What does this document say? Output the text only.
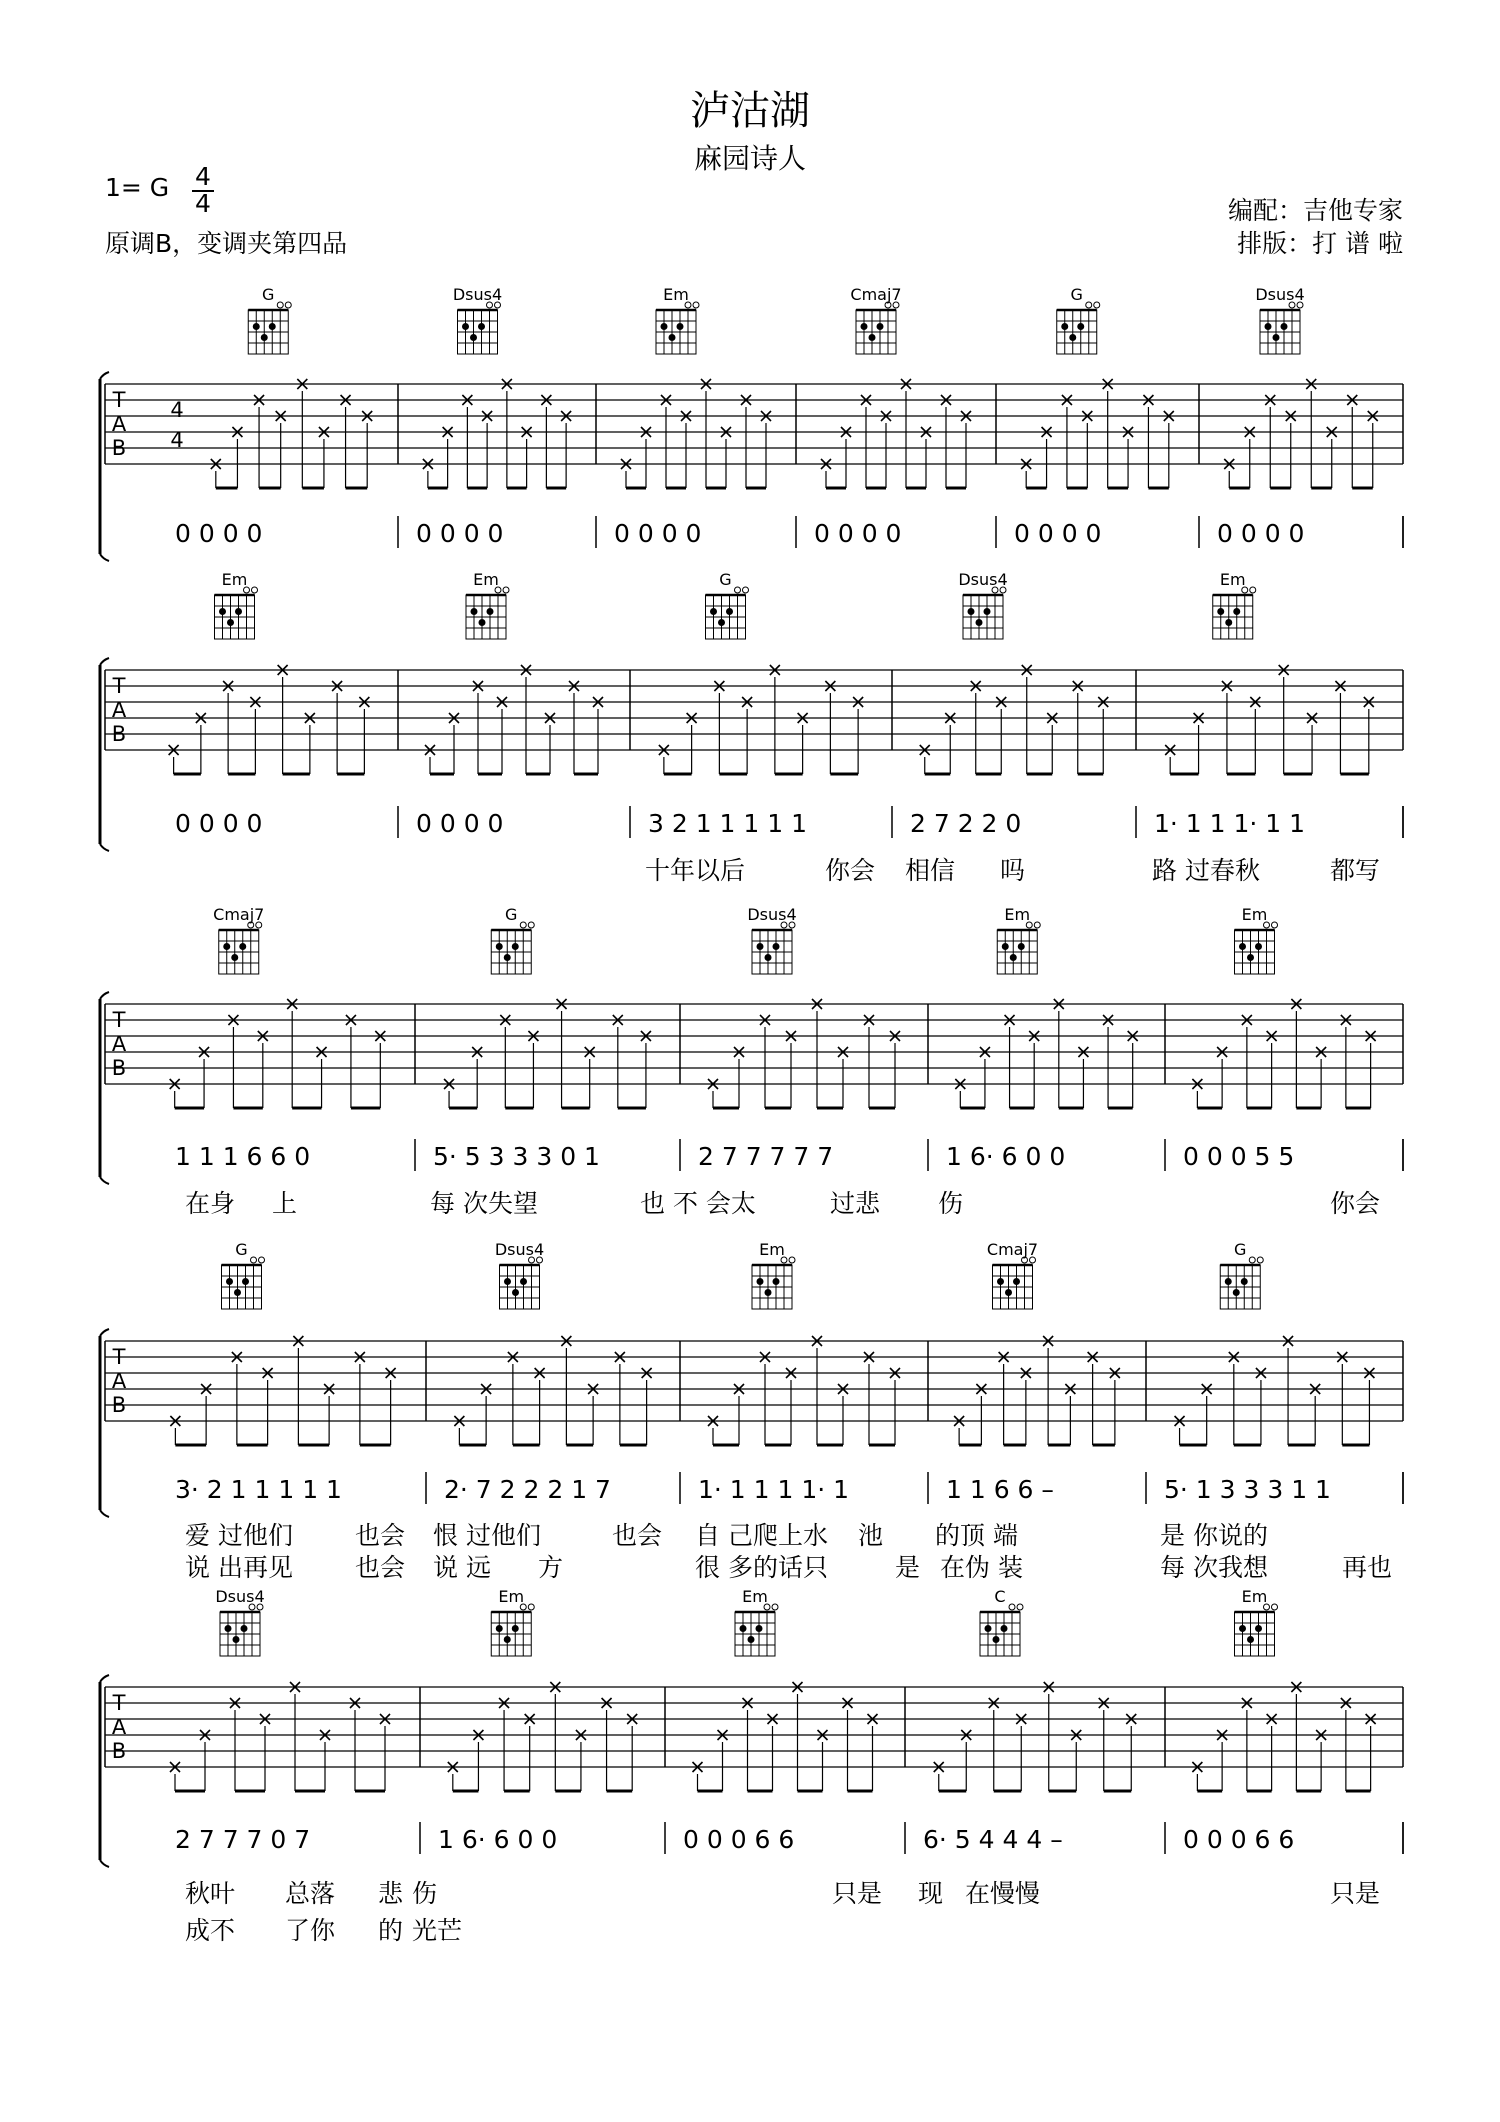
泸沽湖
麻园诗人
1= G 4
4
原调B，变调夹第四品
编配：吉他专家
排版：打 谱 啦
T
A
B
4
4
G
0 0 0 0
Dsus4
0 0 0 0
Em
0 0 0 0
Cmaj7
0 0 0 0
G
0 0 0 0
Dsus4
0 0 0 0
T
A
B
Em
0 0 0 0
Em
0 0 0 0
G
3 2 1 1 1 1 1
Dsus4
2 7 2 2 0
Em
1· 1 1 1· 1 1
十年以后	你会 相信 吗	路 过春秋	都写
T
A
B
Cmaj7
1 1 1 6 6 0
G
5· 5 3 3 3 0 1
Dsus4
2 7 7 7 7 7
Em
1 6· 6 0 0
Em
0 0 0 5 5
在身 上	每 次失望	也 不 会太	过悲 伤	你会
T
A
B
G
3· 2 1 1 1 1 1
Dsus4
2· 7 2 2 2 1 7
Em
1· 1 1 1 1· 1
Cmaj7
1 1 6 6 –
G
5· 1 3 3 3 1 1
爱 过他们 也会 恨 过他们	也会 自 己爬上水 池 的顶 端	是 你说的
说 出再见 也会 说 远 方	很 多的话只	是 在伪 装	每 次我想	再也
T
A
B
Dsus4
2 7 7 7 0 7
Em
1 6· 6 0 0
Em
0 0 0 6 6
C
6· 5 4 4 4 –
Em
0 0 0 6 6
秋叶 总落 悲 伤	只是 现 在慢慢	只是
成不 了你 的 光芒
